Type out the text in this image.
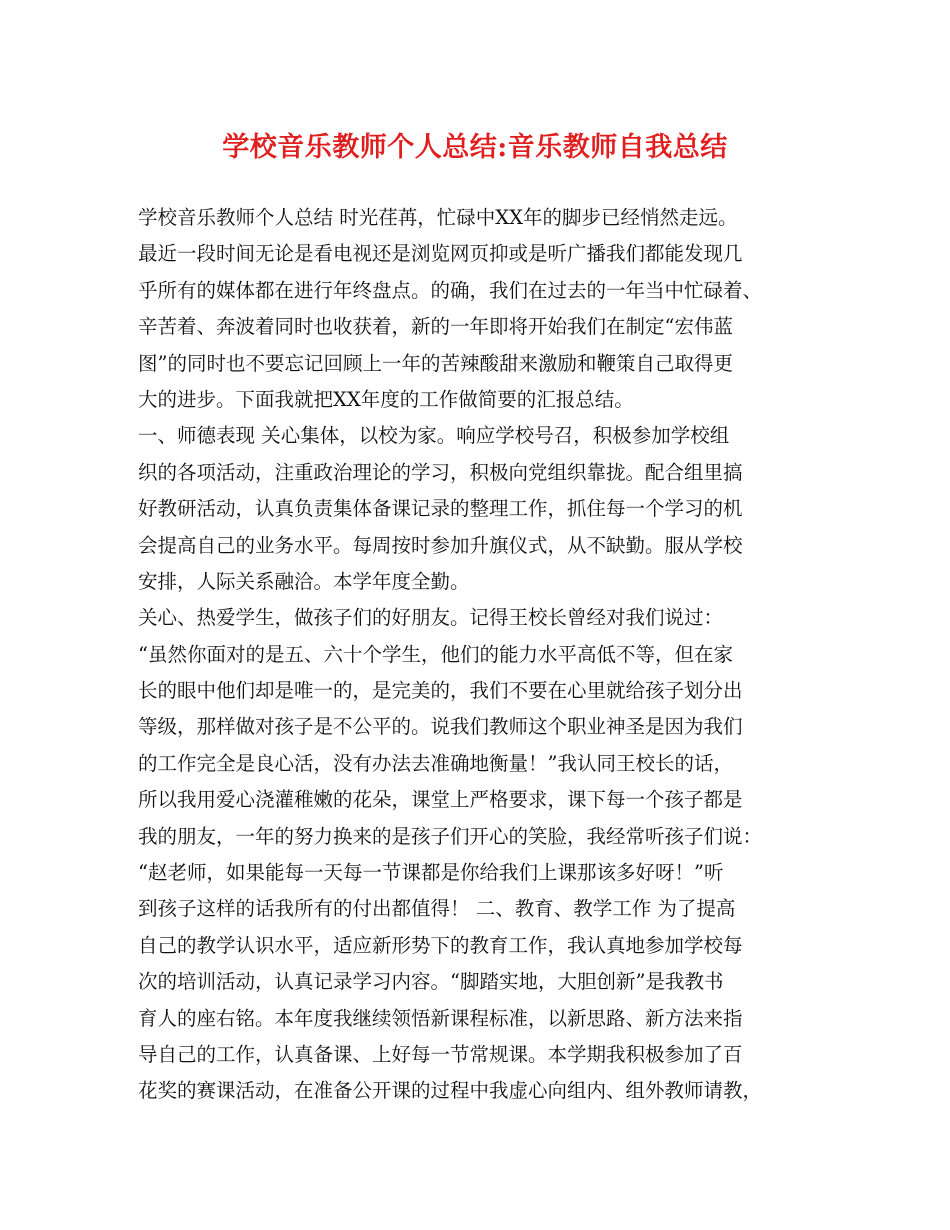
学校音乐教师个人总结:音乐教师自我总结
学校音乐教师个人总结 时光荏苒，忙碌中XX年的脚步已经悄然走远。
最近一段时间无论是看电视还是浏览网页抑或是听广播我们都能发现几
乎所有的媒体都在进行年终盘点。的确，我们在过去的一年当中忙碌着、
辛苦着、奔波着同时也收获着，新的一年即将开始我们在制定“宏伟蓝
图”的同时也不要忘记回顾上一年的苦辣酸甜来激励和鞭策自己取得更
大的进步。下面我就把XX年度的工作做简要的汇报总结。
一、师德表现 关心集体，以校为家。响应学校号召，积极参加学校组
织的各项活动，注重政治理论的学习，积极向党组织靠拢。配合组里搞
好教研活动，认真负责集体备课记录的整理工作，抓住每一个学习的机
会提高自己的业务水平。每周按时参加升旗仪式，从不缺勤。服从学校
安排，人际关系融洽。本学年度全勤。
关心、热爱学生，做孩子们的好朋友。记得王校长曾经对我们说过：
“虽然你面对的是五、六十个学生，他们的能力水平高低不等，但在家
长的眼中他们却是唯一的，是完美的，我们不要在心里就给孩子划分出
等级，那样做对孩子是不公平的。说我们教师这个职业神圣是因为我们
的工作完全是良心活，没有办法去准确地衡量！”我认同王校长的话，
所以我用爱心浇灌稚嫩的花朵，课堂上严格要求，课下每一个孩子都是
我的朋友，一年的努力换来的是孩子们开心的笑脸，我经常听孩子们说：
“赵老师，如果能每一天每一节课都是你给我们上课那该多好呀！”听
到孩子这样的话我所有的付出都值得！ 二、教育、教学工作 为了提高
自己的教学认识水平，适应新形势下的教育工作，我认真地参加学校每
次的培训活动，认真记录学习内容。“脚踏实地，大胆创新”是我教书
育人的座右铭。本年度我继续领悟新课程标准，以新思路、新方法来指
导自己的工作，认真备课、上好每一节常规课。本学期我积极参加了百
花奖的赛课活动，在准备公开课的过程中我虚心向组内、组外教师请教，
